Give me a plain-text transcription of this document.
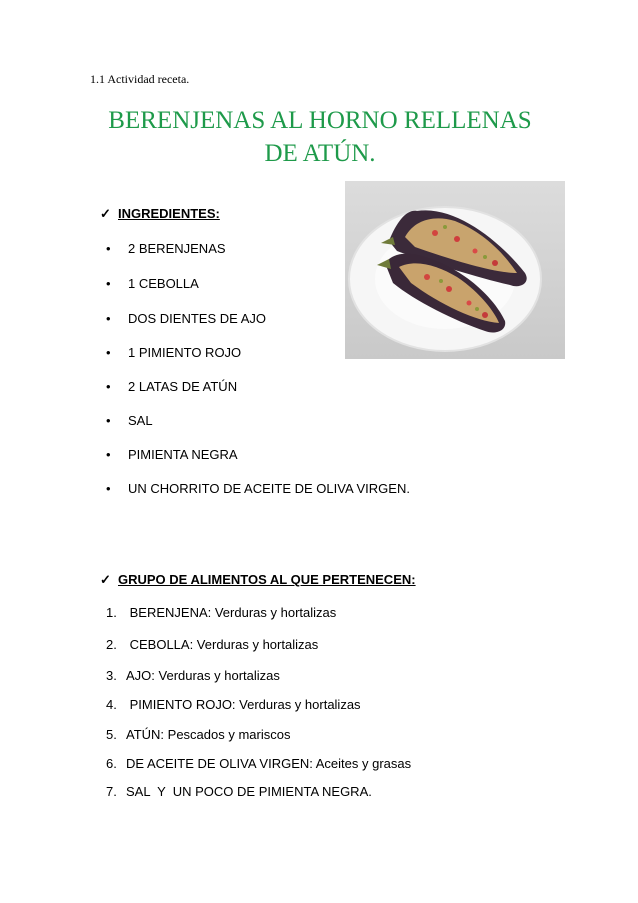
1.1 Actividad receta.
BERENJENAS AL HORNO RELLENAS
DE ATÚN.
✓ INGREDIENTES:
• 2 BERENJENAS
• 1 CEBOLLA
• DOS DIENTES DE AJO
• 1 PIMIENTO ROJO
• 2 LATAS DE ATÚN
• SAL
• PIMIENTA NEGRA
• UN CHORRITO DE ACEITE DE OLIVA VIRGEN.
✓ GRUPO DE ALIMENTOS AL QUE PERTENECEN:
1. BERENJENA: Verduras y hortalizas
2. CEBOLLA: Verduras y hortalizas
3. AJO: Verduras y hortalizas
4. PIMIENTO ROJO: Verduras y hortalizas
5. ATÚN: Pescados y mariscos
6. DE ACEITE DE OLIVA VIRGEN: Aceites y grasas
7. SAL  Y  UN POCO DE PIMIENTA NEGRA.
